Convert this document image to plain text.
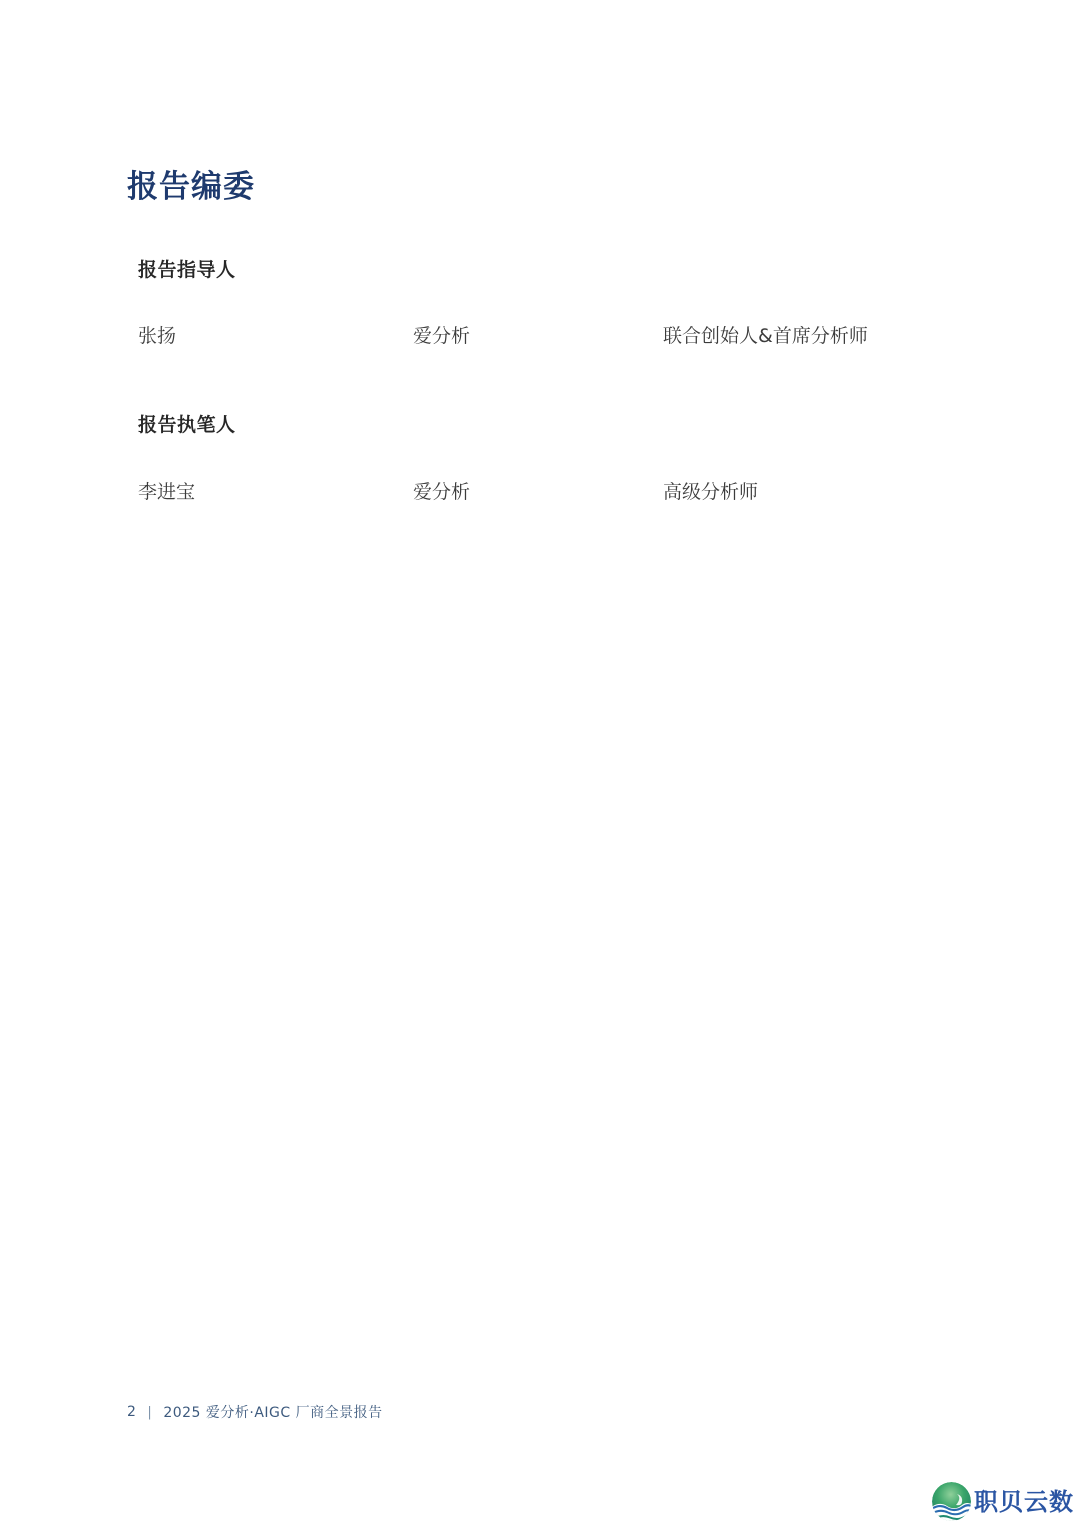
报告编委
报告指导人
张扬	爱分析	联合创始人&首席分析师
报告执笔人
李进宝	爱分析	高级分析师
2 | 2025 爱分析·AIGC 厂商全景报告
职贝云数
